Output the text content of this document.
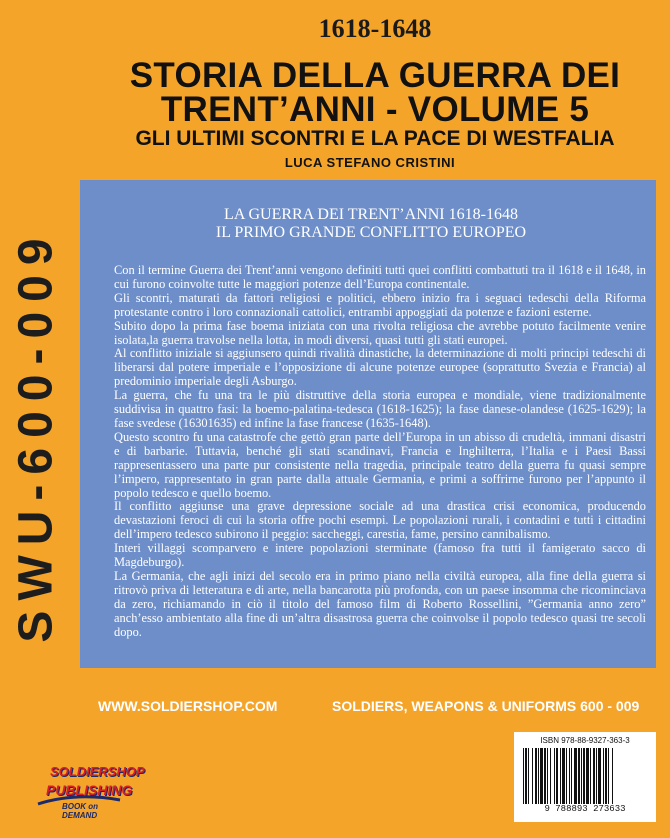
1618-1648
STORIA DELLA GUERRA DEI
TRENT’ANNI - VOLUME 5
GLI ULTIMI SCONTRI E LA PACE DI WESTFALIA
LUCA STEFANO CRISTINI
SWU-600-009
LA GUERRA DEI TRENT’ANNI 1618-1648
IL PRIMO GRANDE CONFLITTO EUROPEO

Con il termine Guerra dei Trent’anni vengono definiti tutti quei conflitti combattuti tra il 1618 e il 1648, in cui furono coinvolte tutte le maggiori potenze dell’Europa continentale.

Gli scontri, maturati da fattori religiosi e politici, ebbero inizio fra i seguaci tedeschi della Riforma protestante contro i loro connazionali cattolici, entrambi appoggiati da potenze e fazioni esterne.

Subito dopo la prima fase boema iniziata con una rivolta religiosa che avrebbe potuto facilmente venire isolata,la guerra travolse nella lotta, in modi diversi, quasi tutti gli stati europei.

Al conflitto iniziale si aggiunsero quindi rivalità dinastiche, la determinazione di molti principi tedeschi di liberarsi dal potere imperiale e l’opposizione di alcune potenze europee (soprattutto Svezia e Francia) al predominio imperiale degli Asburgo.

La guerra, che fu una tra le più distruttive della storia europea e mondiale, viene tradizionalmente suddivisa in quattro fasi: la boemo-palatina-tedesca (1618-1625); la fase danese-olandese (1625-1629); la fase svedese (16301635) ed infine la fase francese (1635-1648).

Questo scontro fu una catastrofe che gettò gran parte dell’Europa in un abisso di crudeltà, immani disastri e di barbarie. Tuttavia, benché gli stati scandinavi, Francia e Inghilterra, l’Italia e i Paesi Bassi rappresentassero una parte pur consistente nella tragedia, principale teatro della guerra fu quasi sempre l’impero, rappresentato in gran parte dalla attuale Germania, e primi a soffrirne furono per l’appunto il popolo tedesco e quello boemo.

Il conflitto aggiunse una grave depressione sociale ad una drastica crisi economica, producendo devastazioni feroci di cui la storia offre pochi esempi. Le popolazioni rurali, i contadini e tutti i cittadini dell’impero tedesco subirono il peggio: saccheggi, carestia, fame, persino cannibalismo.

Interi villaggi scomparvero e intere popolazioni sterminate (famoso fra tutti il famigerato sacco di Magdeburgo).

La Germania, che agli inizi del secolo era in primo piano nella civiltà europea, alla fine della guerra si ritrovò priva di letteratura e di arte, nella bancarotta più profonda, con un paese insomma che ricominciava da zero, richiamando in ciò il titolo del famoso film di Roberto Rossellini, ”Germania anno zero” anch’esso ambientato alla fine di un’altra disastrosa guerra che coinvolse il popolo tedesco quasi tre secoli dopo.

WWW.SOLDIERSHOP.COM	SOLDIERS, WEAPONS & UNIFORMS 600 - 009
ISBN 978-88-9327-363-3
9 788893 273633
SOLDIERSHOP
PUBLISHING
BOOK on DEMAND
